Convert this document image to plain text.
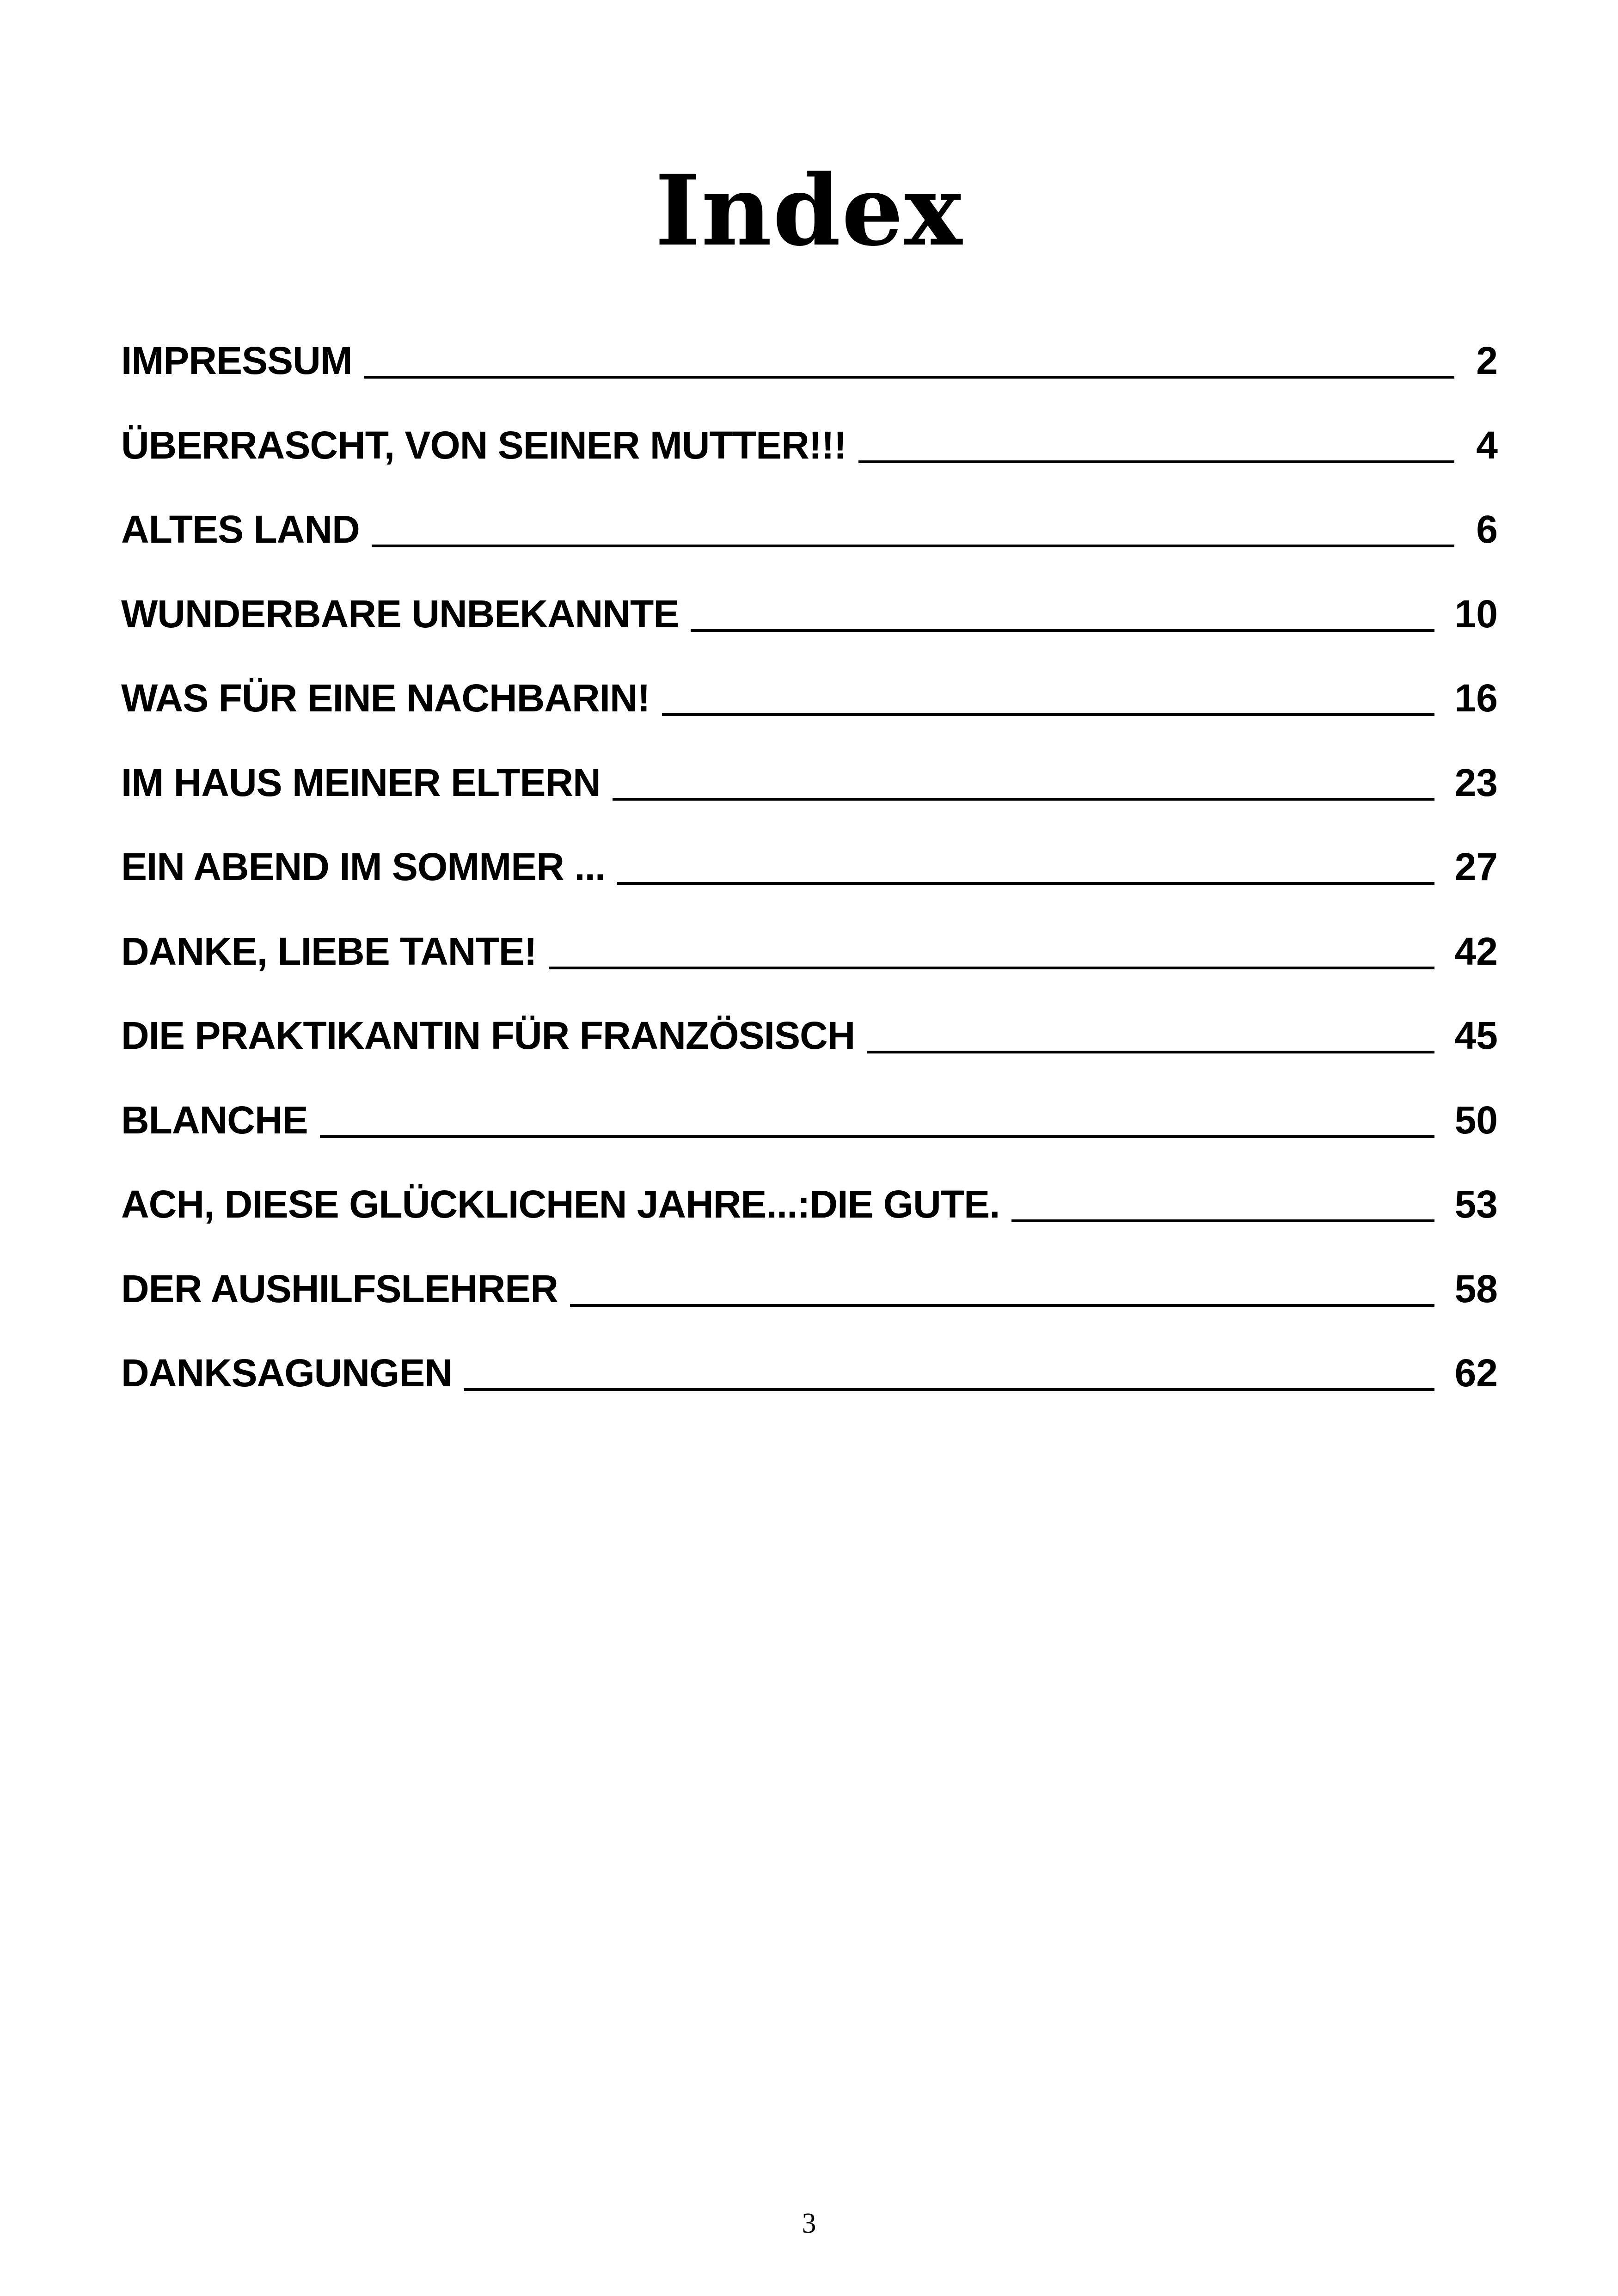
Index
IMPRESSUM	2
ÜBERRASCHT, VON SEINER MUTTER!!!	4
ALTES LAND	6
WUNDERBARE UNBEKANNTE	10
WAS FÜR EINE NACHBARIN!	16
IM HAUS MEINER ELTERN	23
EIN ABEND IM SOMMER ...	27
DANKE, LIEBE TANTE!	42
DIE PRAKTIKANTIN FÜR FRANZÖSISCH	45
BLANCHE	50
ACH, DIESE GLÜCKLICHEN JAHRE...:DIE GUTE.	53
DER AUSHILFSLEHRER	58
DANKSAGUNGEN	62
3
